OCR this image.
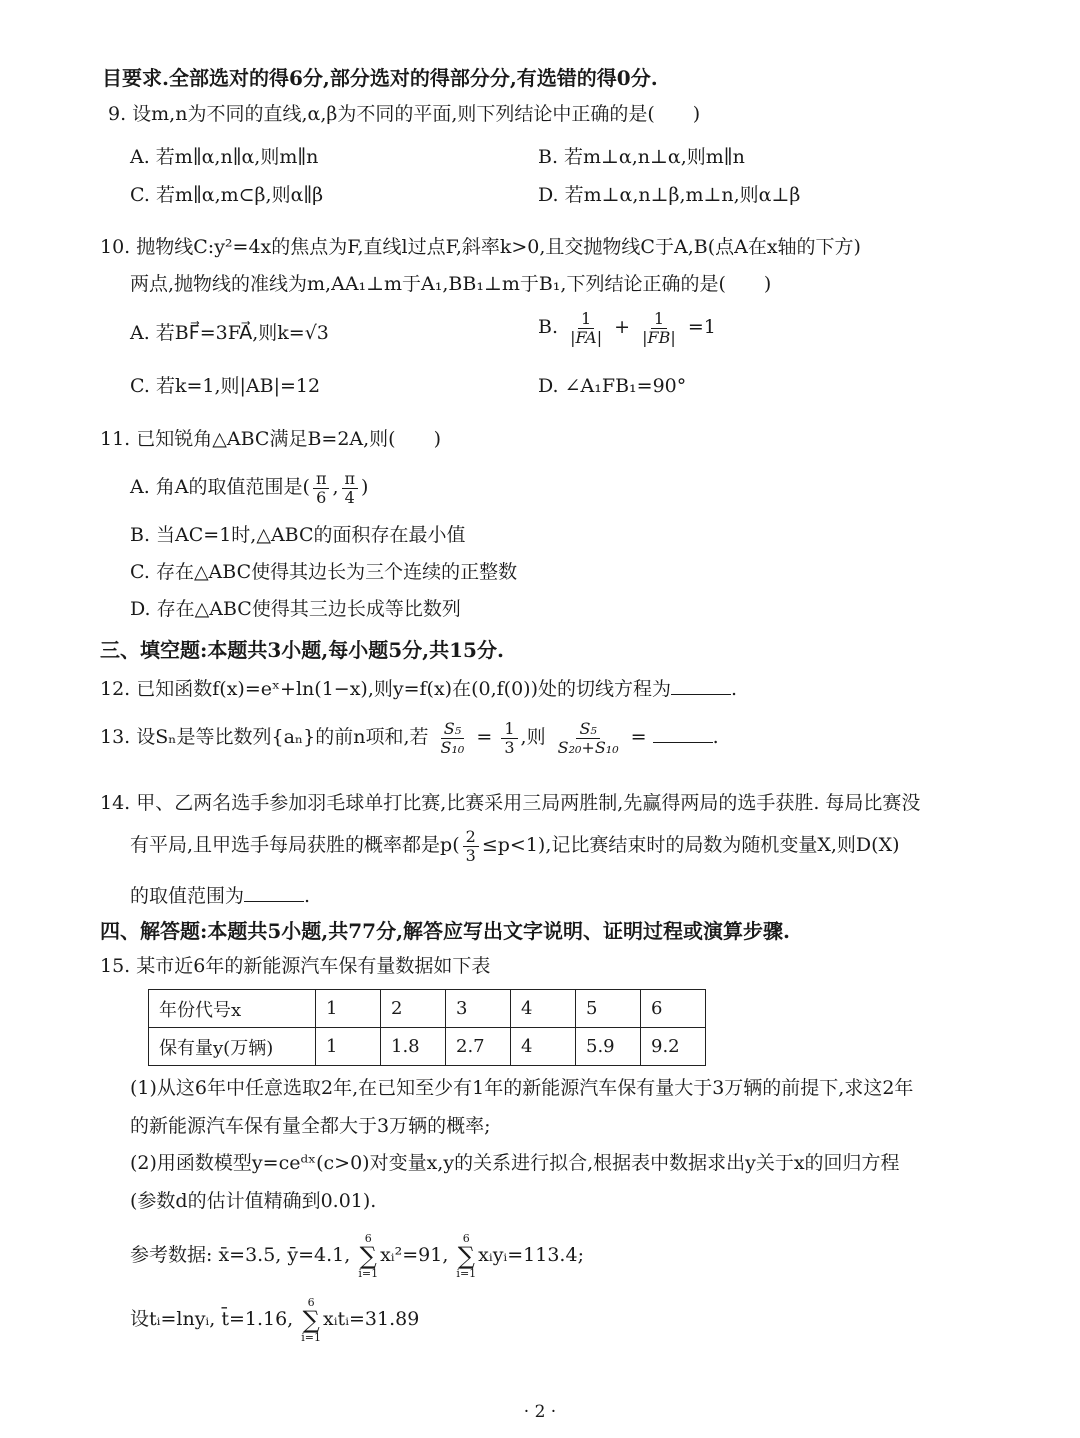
目要求.全部选对的得6分,部分选对的得部分分,有选错的得0分.
9. 设m,n为不同的直线,α,β为不同的平面,则下列结论中正确的是(　　)
A. 若m∥α,n∥α,则m∥n	B. 若m⊥α,n⊥α,则m∥n
C. 若m∥α,m⊂β,则α∥β	D. 若m⊥α,n⊥β,m⊥n,则α⊥β
10. 抛物线C:y²=4x的焦点为F,直线l过点F,斜率k>0,且交抛物线C于A,B(点A在x轴的下方)
两点,抛物线的准线为m,AA₁⊥m于A₁,BB₁⊥m于B₁,下列结论正确的是(　　)
A. 若BF⃗=3FA⃗,则k=√3	B. $\frac{1}{|FA|} + \frac{1}{|FB|} =1$
C. 若k=1,则|AB|=12	D. ∠A₁FB₁=90°
11. 已知锐角△ABC满足B=2A,则(　　)
A. 角A的取值范围是( $\frac{\pi}{6}$ , $\frac{\pi}{4}$ )
B. 当AC=1时,△ABC的面积存在最小值
C. 存在△ABC使得其边长为三个连续的正整数
D. 存在△ABC使得其三边长成等比数列
三、填空题:本题共3小题,每小题5分,共15分.
12. 已知函数f(x)=eˣ+ln(1−x),则y=f(x)在(0,f(0))处的切线方程为	.
13. 设Sₙ是等比数列{aₙ}的前n项和,若 $\frac{\text{S₅}}{\text{S₁₀}} = \frac{1}{3}$ ,则 $\frac{\text{S₅}}{\text{S₂₀+S₁₀}}$ =	.
14. 甲、乙两名选手参加羽毛球单打比赛,比赛采用三局两胜制,先赢得两局的选手获胜. 每局比赛没
有平局,且甲选手每局获胜的概率都是$p( \frac{2}{3} \le p<1)$,记比赛结束时的局数为随机变量X,则D(X)
的取值范围为	.
四、解答题:本题共5小题,共77分,解答应写出文字说明、证明过程或演算步骤.
15. 某市近6年的新能源汽车保有量数据如下表
年份代号x	1	2	3	4	5	6
保有量y(万辆)	1	1.8	2.7	4	5.9	9.2
(1)从这6年中任意选取2年,在已知至少有1年的新能源汽车保有量大于3万辆的前提下,求这2年
的新能源汽车保有量全都大于3万辆的概率;
(2)用函数模型y=ceᵈˣ(c>0)对变量x,y的关系进行拟合,根据表中数据求出y关于x的回归方程
(参数d的估计值精确到0.01).
参考数据: x̄=3.5, ȳ=4.1,
6
∑
i=1
xᵢ²=91,
6
∑
i=1
xᵢyᵢ=113.4;
设tᵢ=lnyᵢ, t̄=1.16,
6
∑
i=1
xᵢtᵢ=31.89
· 2 ·
